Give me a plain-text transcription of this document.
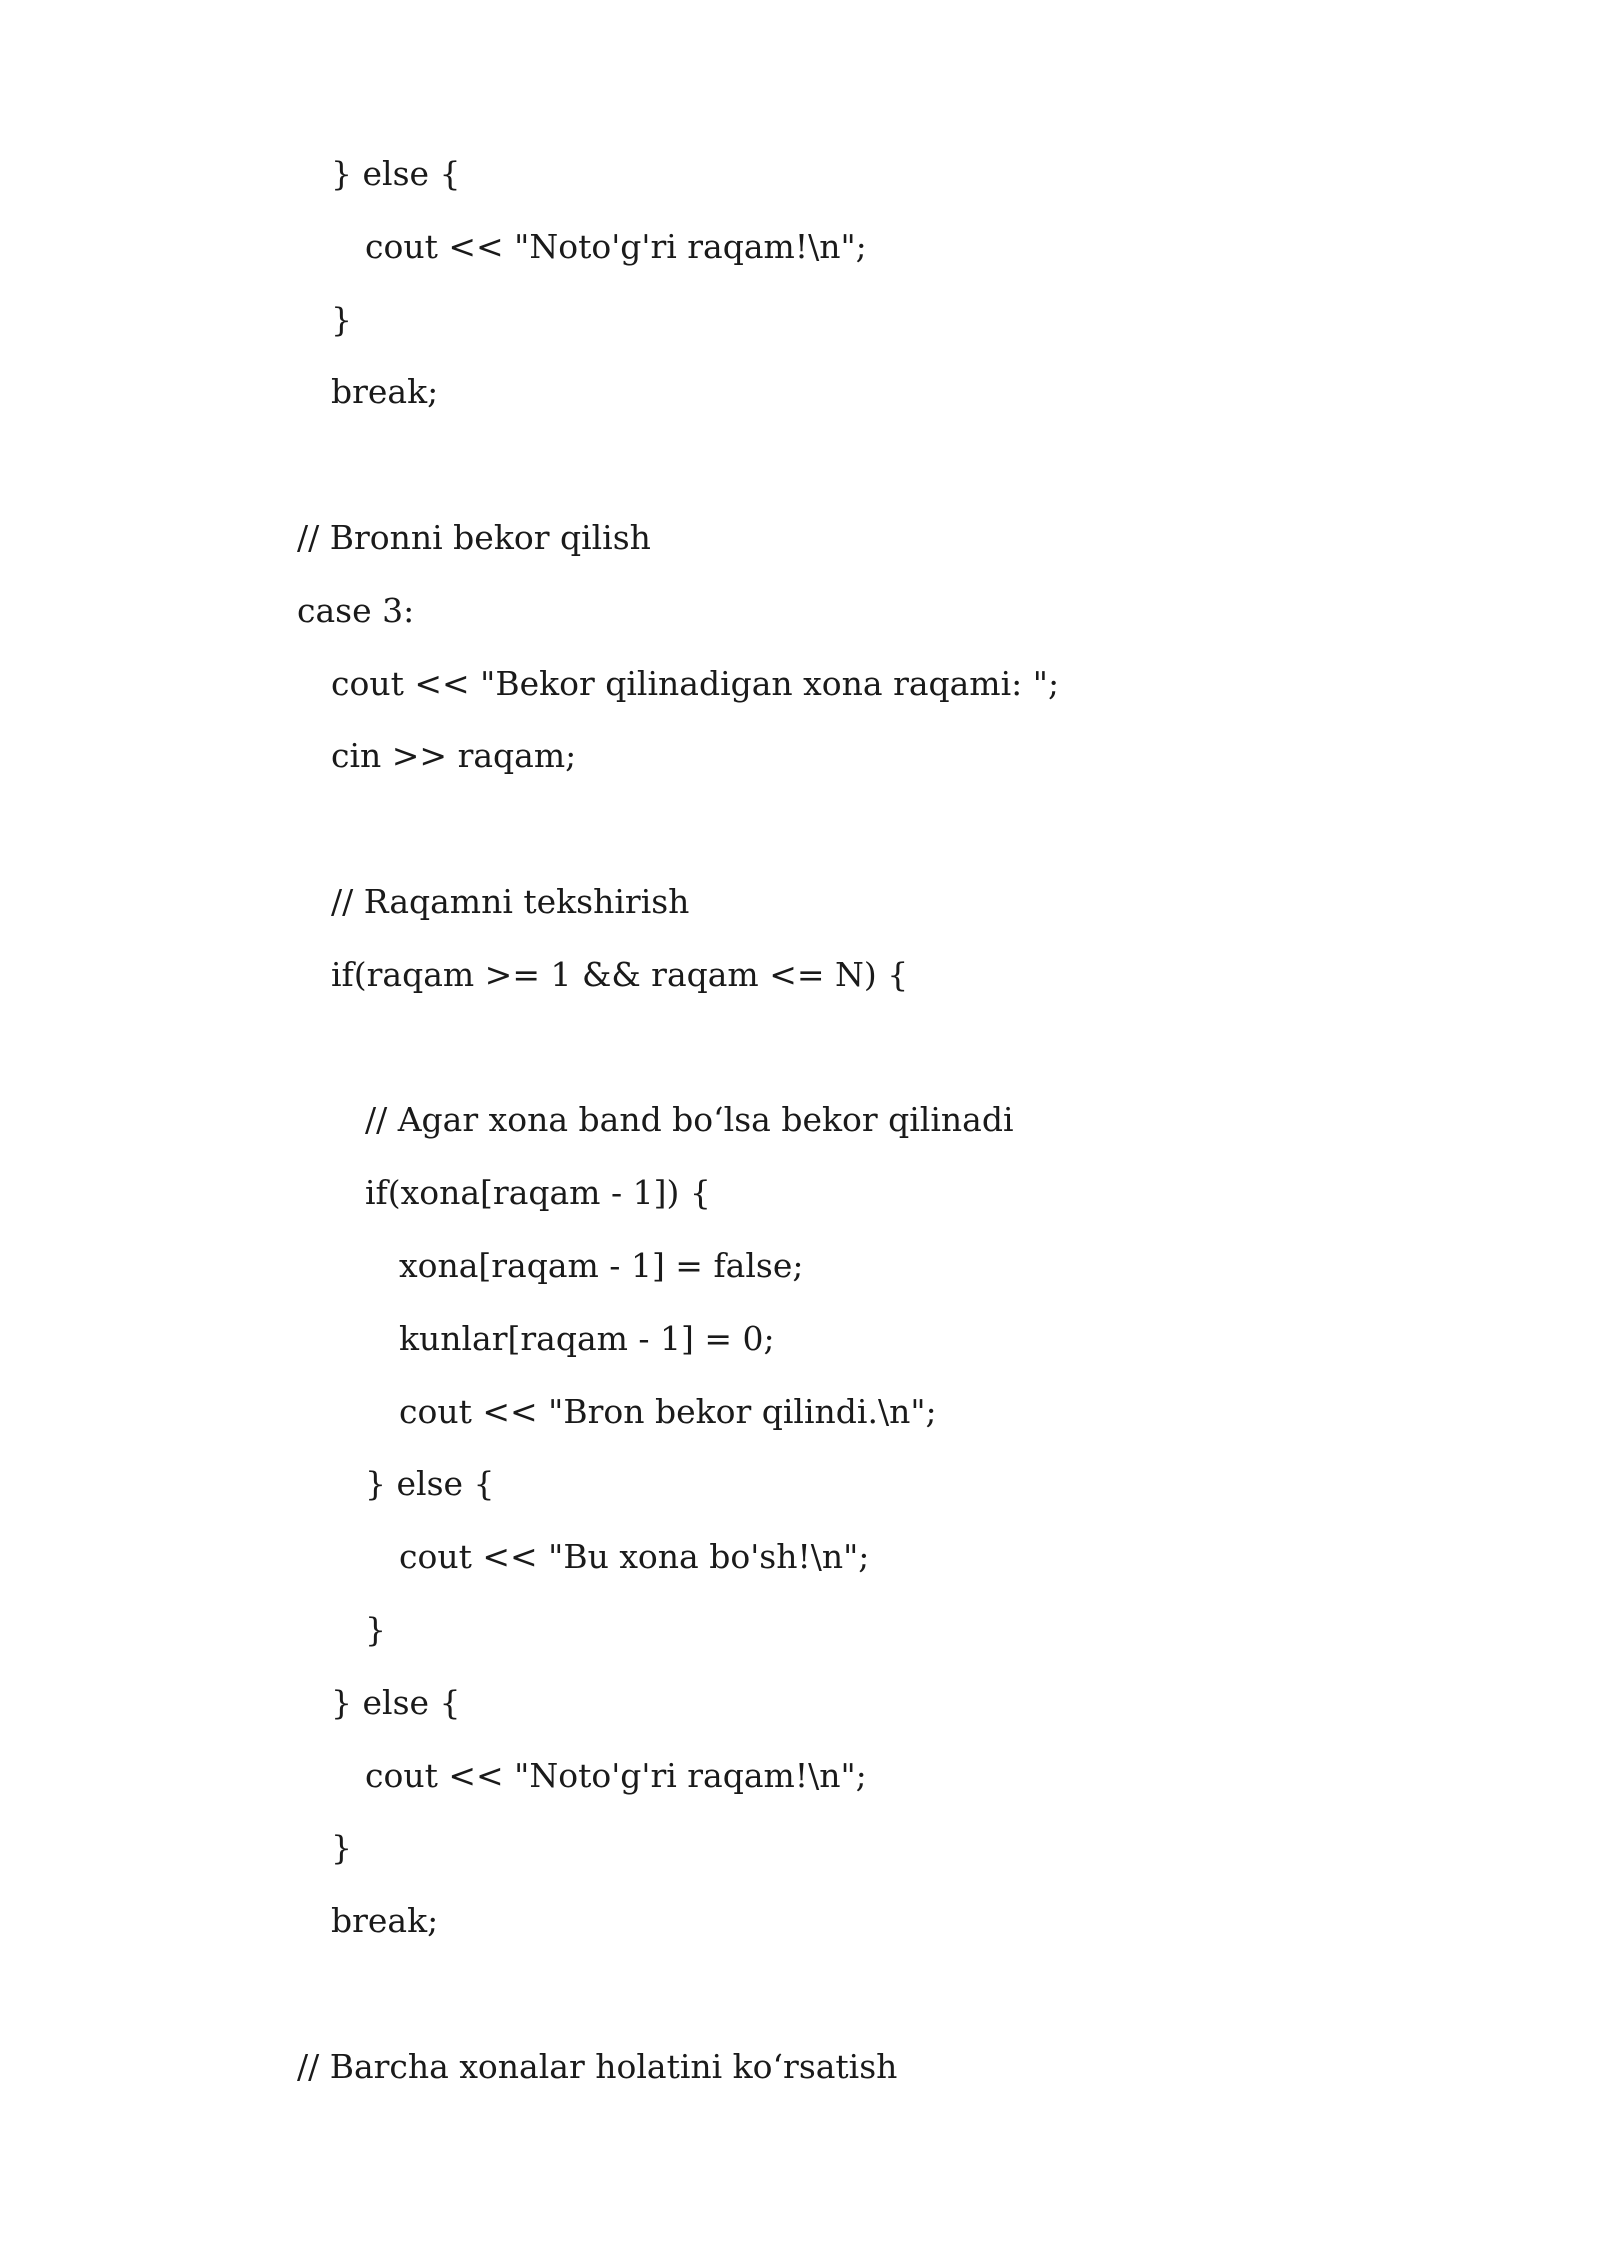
} else {
cout << "Noto'g'ri raqam!\n";
}
break;
// Bronni bekor qilish
case 3:
cout << "Bekor qilinadigan xona raqami: ";
cin >> raqam;
// Raqamni tekshirish
if(raqam >= 1 && raqam <= N) {
// Agar xona band bo‘lsa bekor qilinadi
if(xona[raqam - 1]) {
xona[raqam - 1] = false;
kunlar[raqam - 1] = 0;
cout << "Bron bekor qilindi.\n";
} else {
cout << "Bu xona bo'sh!\n";
}
} else {
cout << "Noto'g'ri raqam!\n";
}
break;
// Barcha xonalar holatini ko‘rsatish
